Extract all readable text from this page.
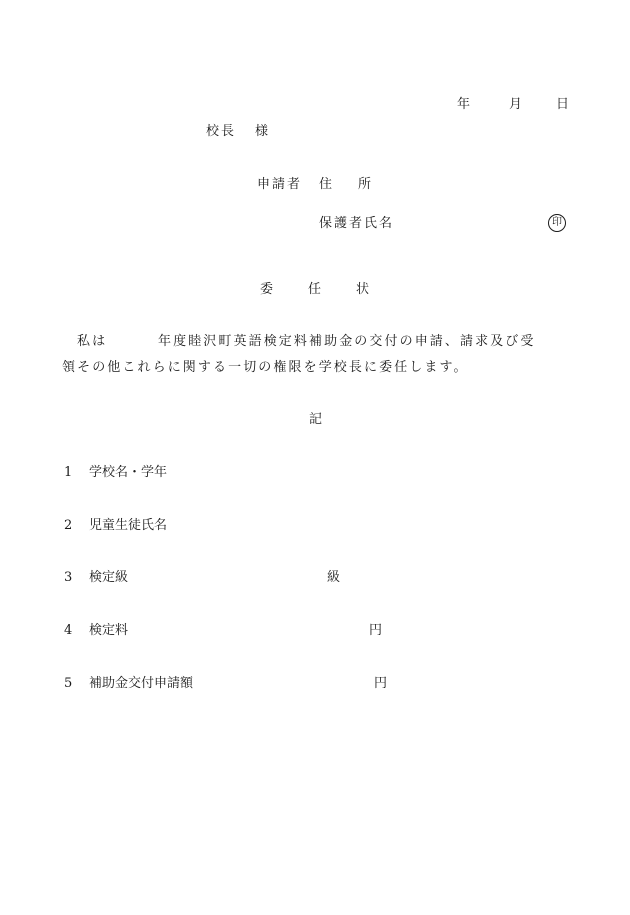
年	月	日
校長 様
申請者 住　　所
保護者氏名	印
委	任	状
私は	年度睦沢町英語検定料補助金の交付の申請、請求及び受
領その他これらに関する一切の権限を学校長に委任します。
記
1 学校名・学年
2 児童生徒氏名
3 検定級	級
4 検定料	円
5 補助金交付申請額	円
